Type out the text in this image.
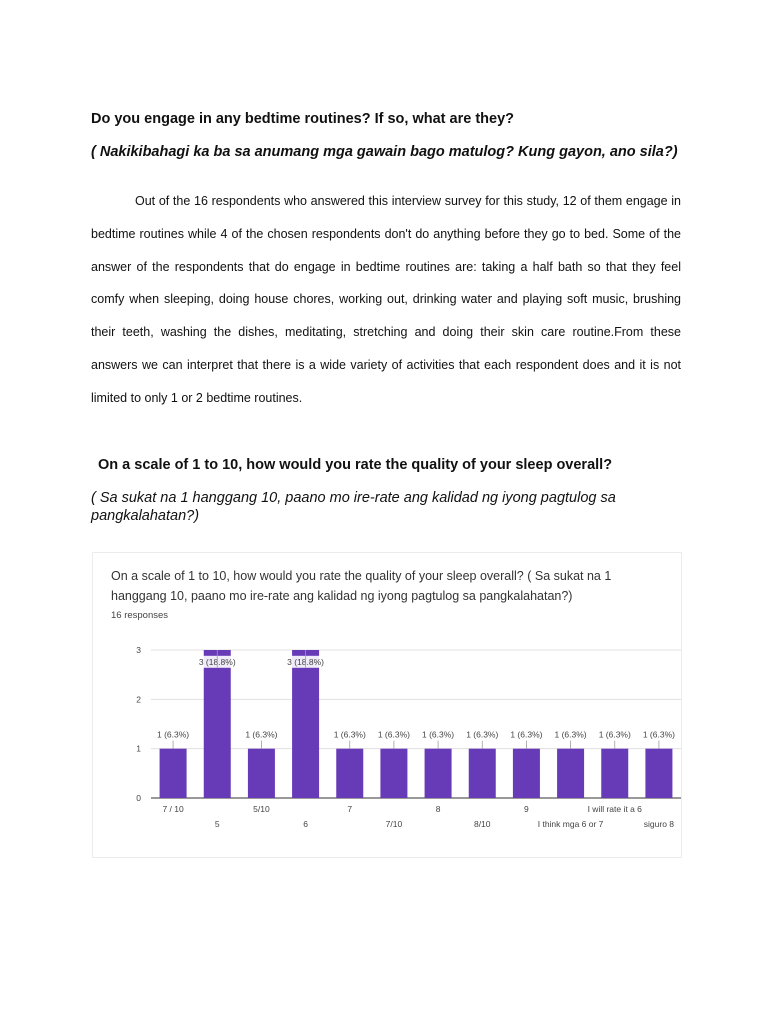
Do you engage in any bedtime routines? If so, what are they?

( Nakikibahagi ka ba sa anumang mga gawain bago matulog? Kung gayon, ano sila?)

Out of the 16 respondents who answered this interview survey for this study, 12 of them engage in bedtime routines while 4 of the chosen respondents don't do anything before they go to bed. Some of the answer of the respondents that do engage in bedtime routines are: taking a half bath so that they feel comfy when sleeping, doing house chores, working out, drinking water and playing soft music, brushing their teeth, washing the dishes, meditating, stretching and doing their skin care routine.From these answers we can interpret that there is a wide variety of activities that each respondent does and it is not limited to only 1 or 2 bedtime routines.

On a scale of 1 to 10, how would you rate the quality of your sleep overall?

( Sa sukat na 1 hanggang 10, paano mo ire-rate ang kalidad ng iyong pagtulog sa pangkalahatan?)

On a scale of 1 to 10, how would you rate the quality of your sleep overall? ( Sa sukat na 1 hanggang 10, paano mo ire-rate ang kalidad ng iyong pagtulog sa pangkalahatan?)

16 responses

0
1
2
3
1 (6.3%)
7 / 10
3 (18.8%)
5
1 (6.3%)
5/10
3 (18.8%)
6
1 (6.3%)
7
1 (6.3%)
7/10
1 (6.3%)
8
1 (6.3%)
8/10
1 (6.3%)
9
1 (6.3%)
I think mga 6 or 7
1 (6.3%)
I will rate it a 6
1 (6.3%)
siguro 8
